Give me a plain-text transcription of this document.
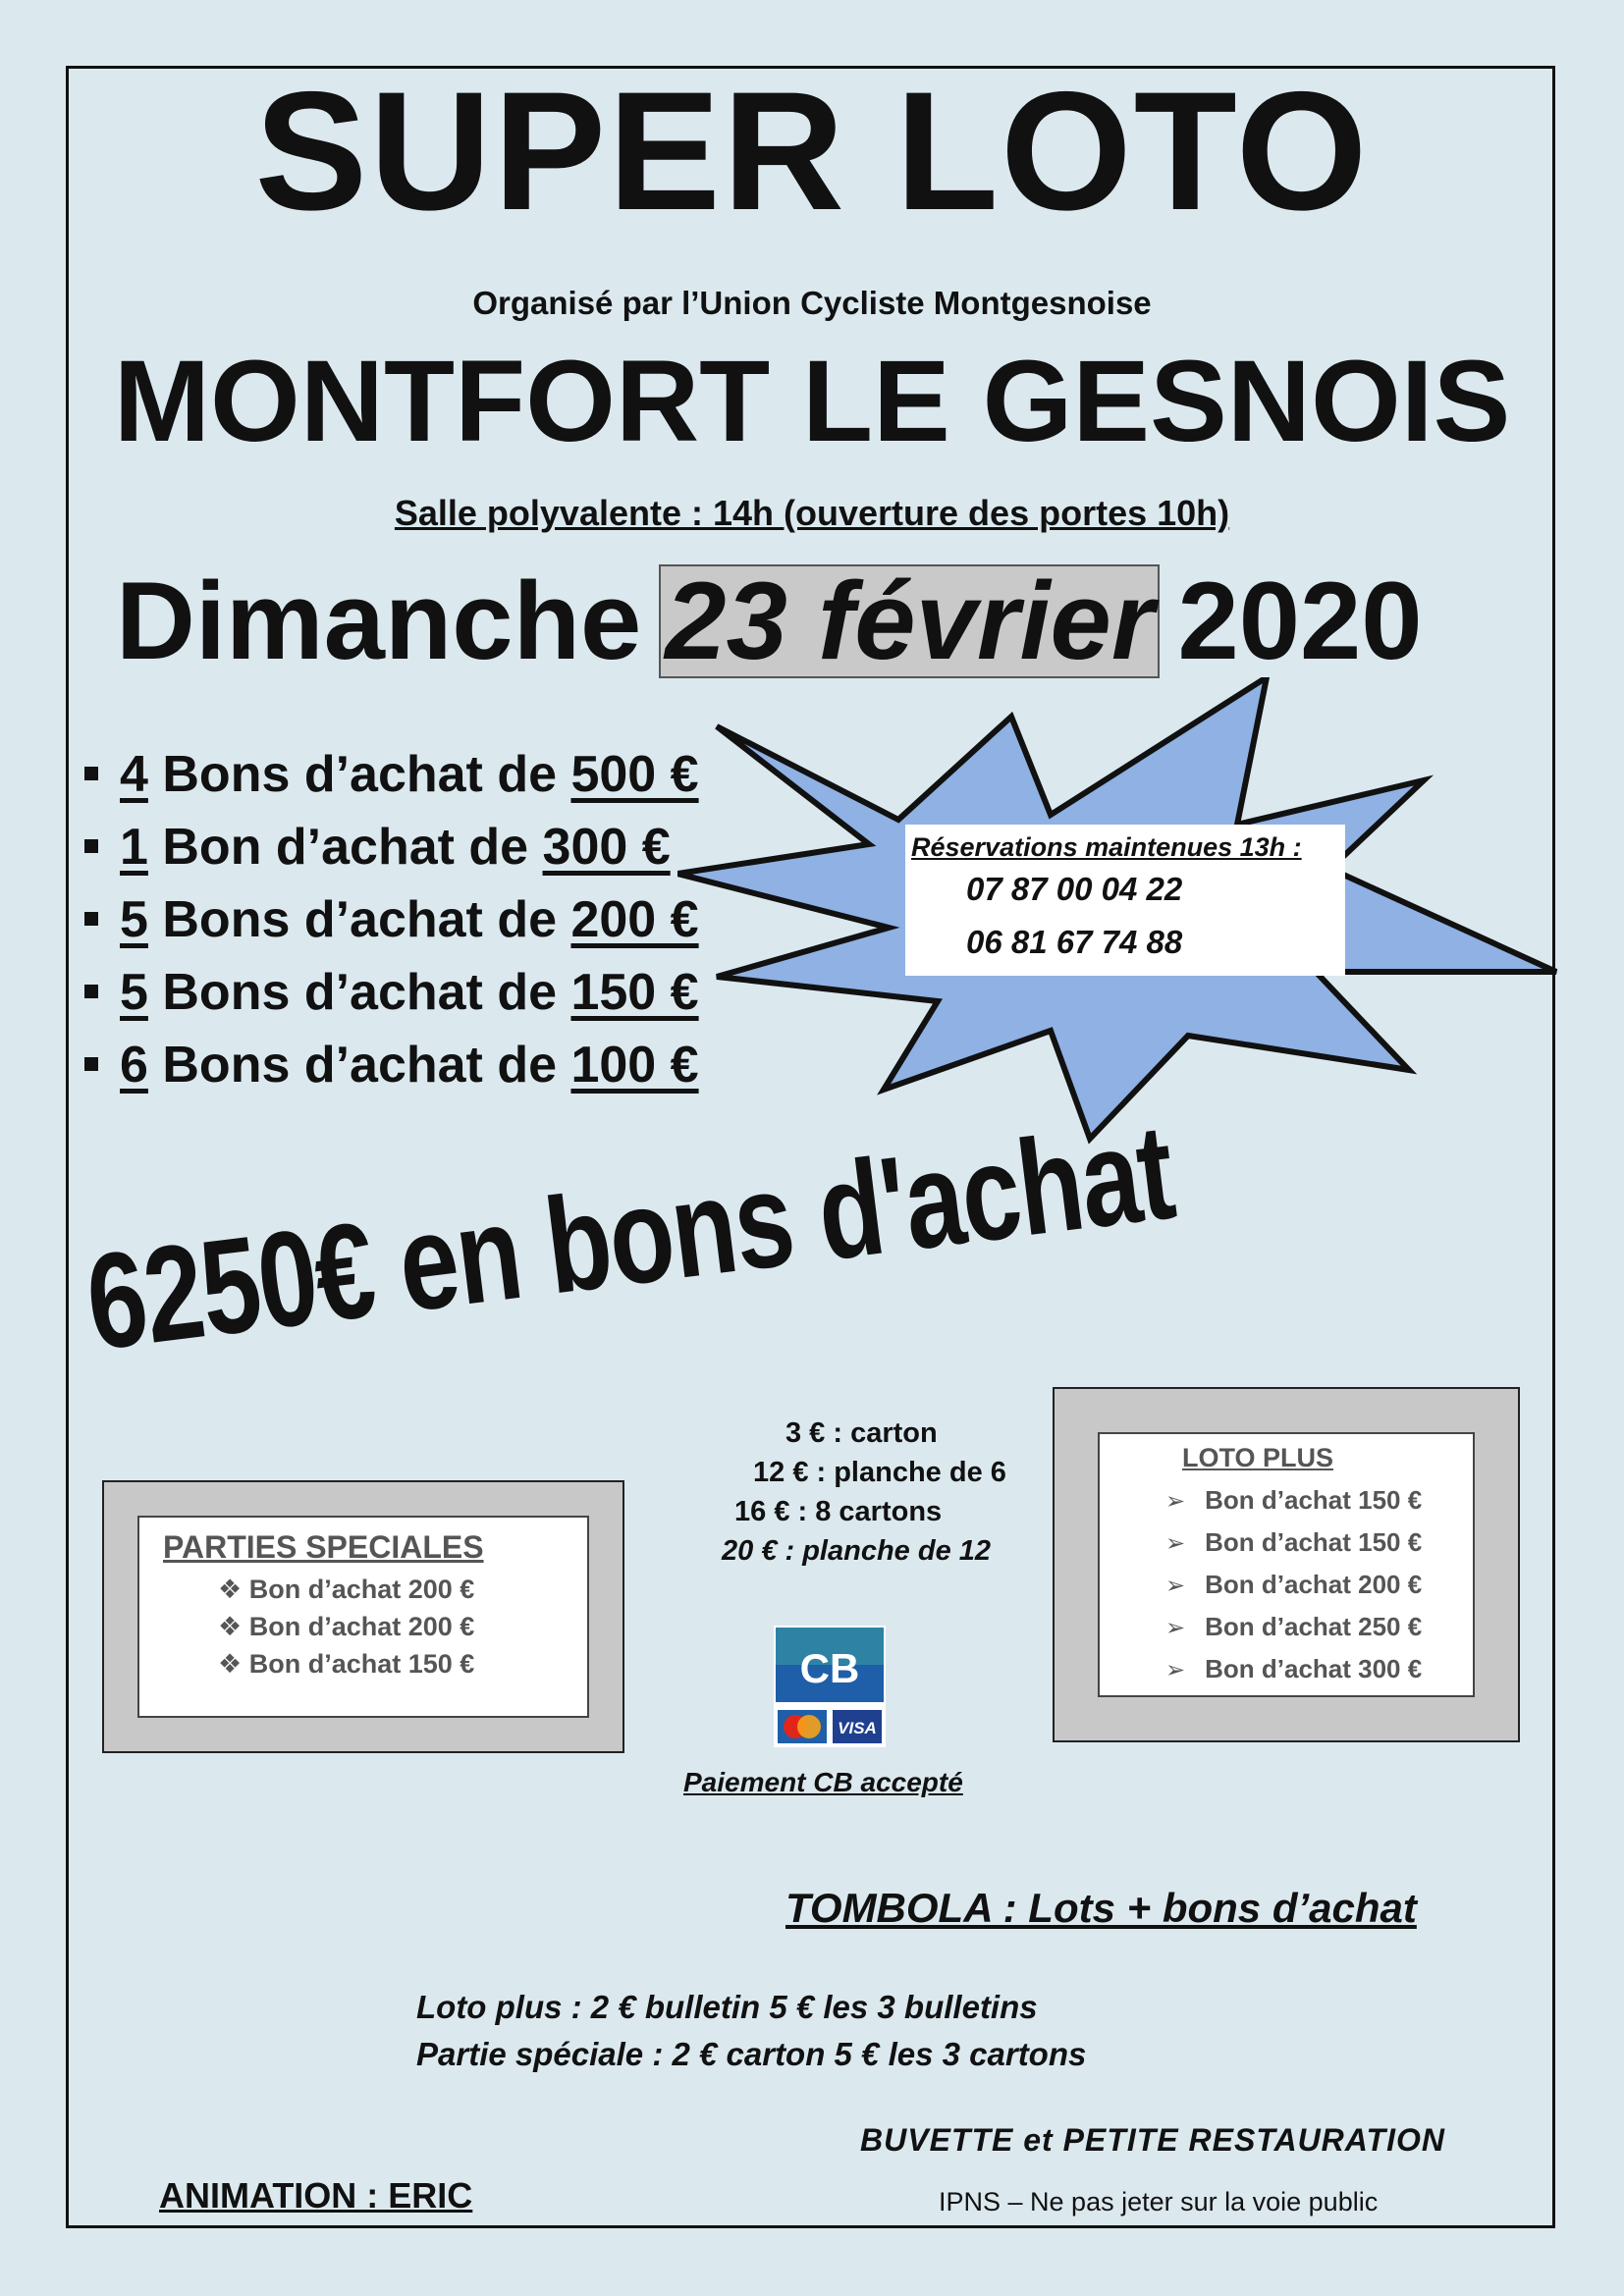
SUPER LOTO
Organisé par l’Union Cycliste Montgesnoise
MONTFORT LE GESNOIS
Salle polyvalente : 14h (ouverture des portes 10h)
Dimanche 23 février 2020
4 Bons d’achat de 500 €
1 Bon d’achat de 300 €
5 Bons d’achat de 200 €
5 Bons d’achat de 150 €
6 Bons d’achat de 100 €
Réservations maintenues 13h :
07 87 00 04 22
06 81 67 74 88
6250€ en bons d'achat
PARTIES SPECIALES
❖ Bon d’achat 200 €
❖ Bon d’achat 200 €
❖ Bon d’achat 150 €
3 € : carton
12 € : planche de 6
16 € : 8 cartons
20 € : planche de 12
CB
VISA
Paiement CB accepté
LOTO PLUS
➢ Bon d’achat 150 €
➢ Bon d’achat 150 €
➢ Bon d’achat 200 €
➢ Bon d’achat 250 €
➢ Bon d’achat 300 €
TOMBOLA : Lots + bons d’achat
Loto plus : 2 € bulletin 5 € les 3 bulletins
Partie spéciale : 2 € carton 5 € les 3 cartons
BUVETTE et PETITE RESTAURATION
ANIMATION : ERIC	IPNS – Ne pas jeter sur la voie public
